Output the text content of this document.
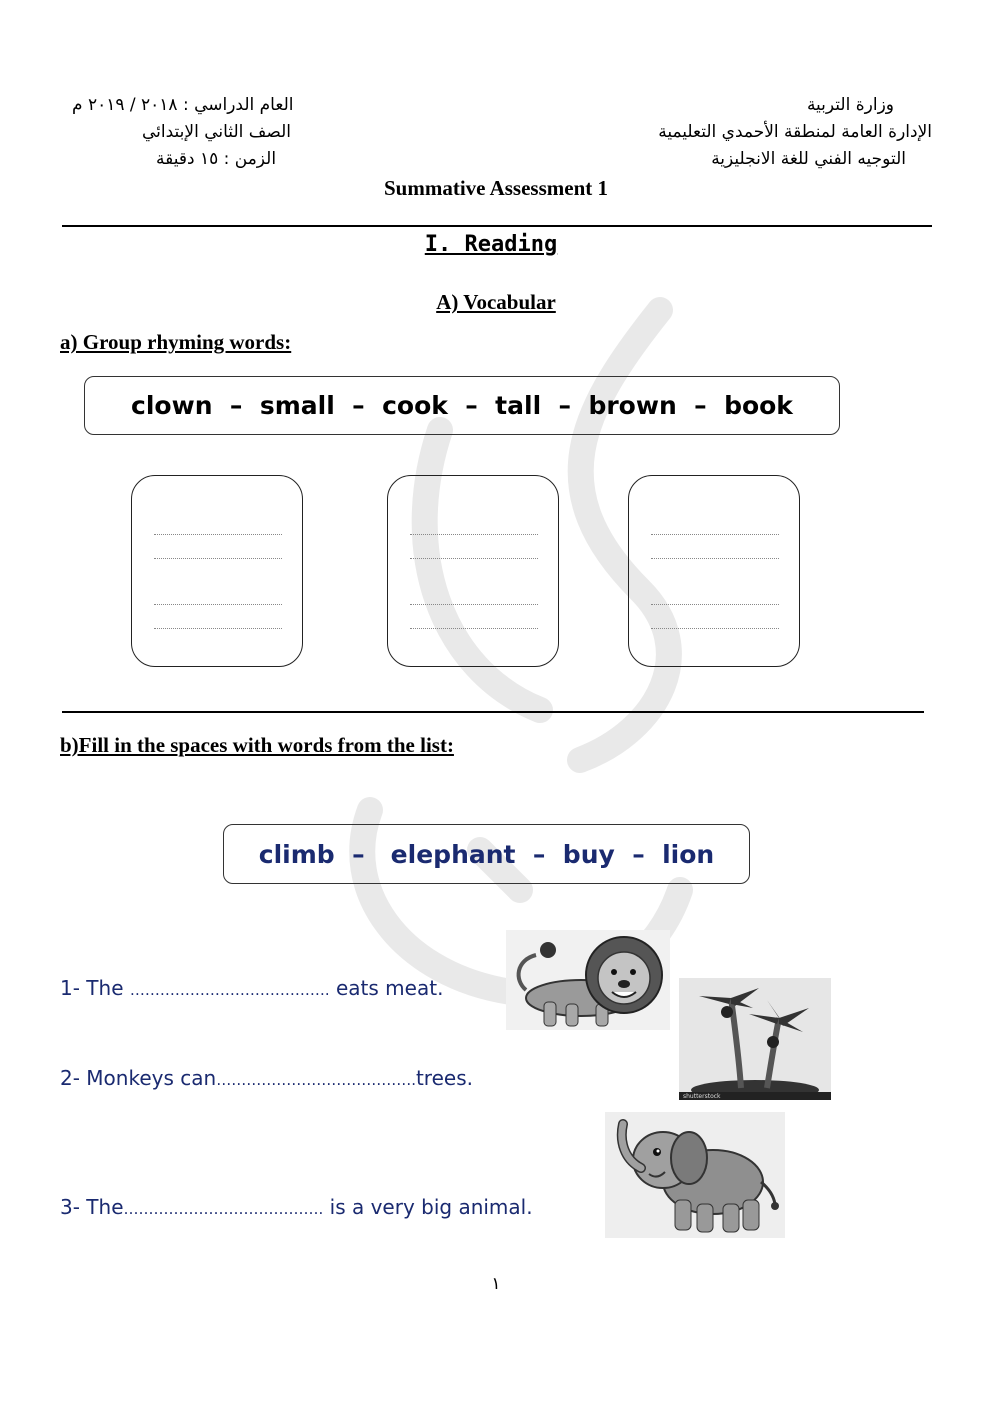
وزارة التربية
الإدارة العامة لمنطقة الأحمدي التعليمية
التوجيه الفني للغة الانجليزية
العام الدراسي : ٢٠١٨ / ٢٠١٩ م
الصف الثاني الإبتدائي
الزمن : ١٥ دقيقة
Summative Assessment 1
I. Reading
A) Vocabular
a) Group rhyming words:
clown  –  small  –  cook  –  tall  –  brown  –  book
b)Fill in the spaces with words from the list:
climb  –   elephant  –  buy  –  lion
1- The …………………………………. eats meat.
2- Monkeys can………………………………….trees.
3- The…………………………………. is a very big animal.
shutterstock
١
